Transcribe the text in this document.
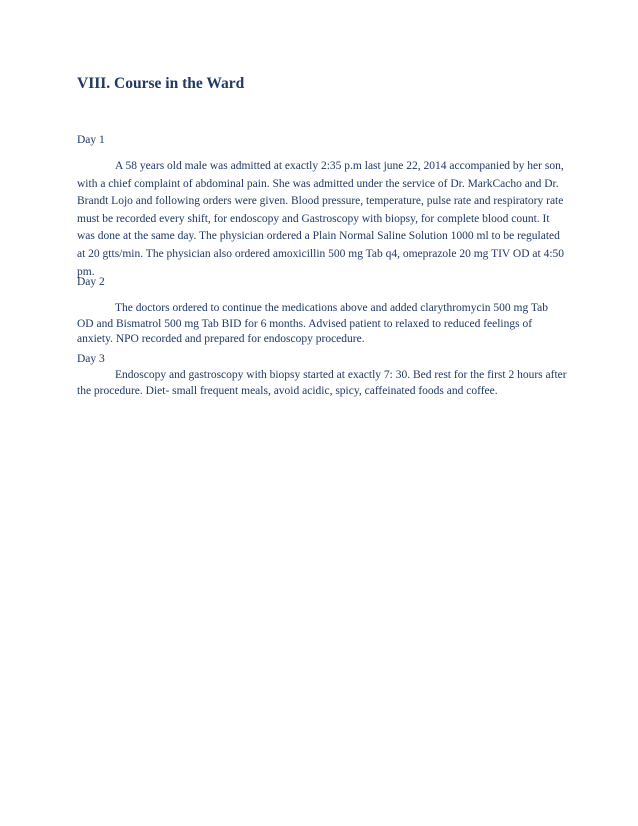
VIII. Course in the Ward
Day 1
A 58 years old male was admitted at exactly 2:35 p.m last june 22, 2014 accompanied by her son,
with a chief complaint of abdominal pain. She was admitted under the service of Dr. MarkCacho and Dr.
Brandt Lojo and following orders were given. Blood pressure, temperature, pulse rate and respiratory rate
must be recorded every shift, for endoscopy and Gastroscopy with biopsy, for complete blood count. It
was done at the same day. The physician ordered a Plain Normal Saline Solution 1000 ml to be regulated
at 20 gtts/min. The physician also ordered amoxicillin 500 mg Tab q4, omeprazole 20 mg TIV OD at 4:50
pm.
Day 2
The doctors ordered to continue the medications above and added clarythromycin 500 mg Tab
OD and Bismatrol 500 mg Tab BID for 6 months. Advised patient to relaxed to reduced feelings of
anxiety. NPO recorded and prepared for endoscopy procedure.
Day 3
Endoscopy and gastroscopy with biopsy started at exactly 7: 30. Bed rest for the first 2 hours after
the procedure. Diet- small frequent meals, avoid acidic, spicy, caffeinated foods and coffee.
